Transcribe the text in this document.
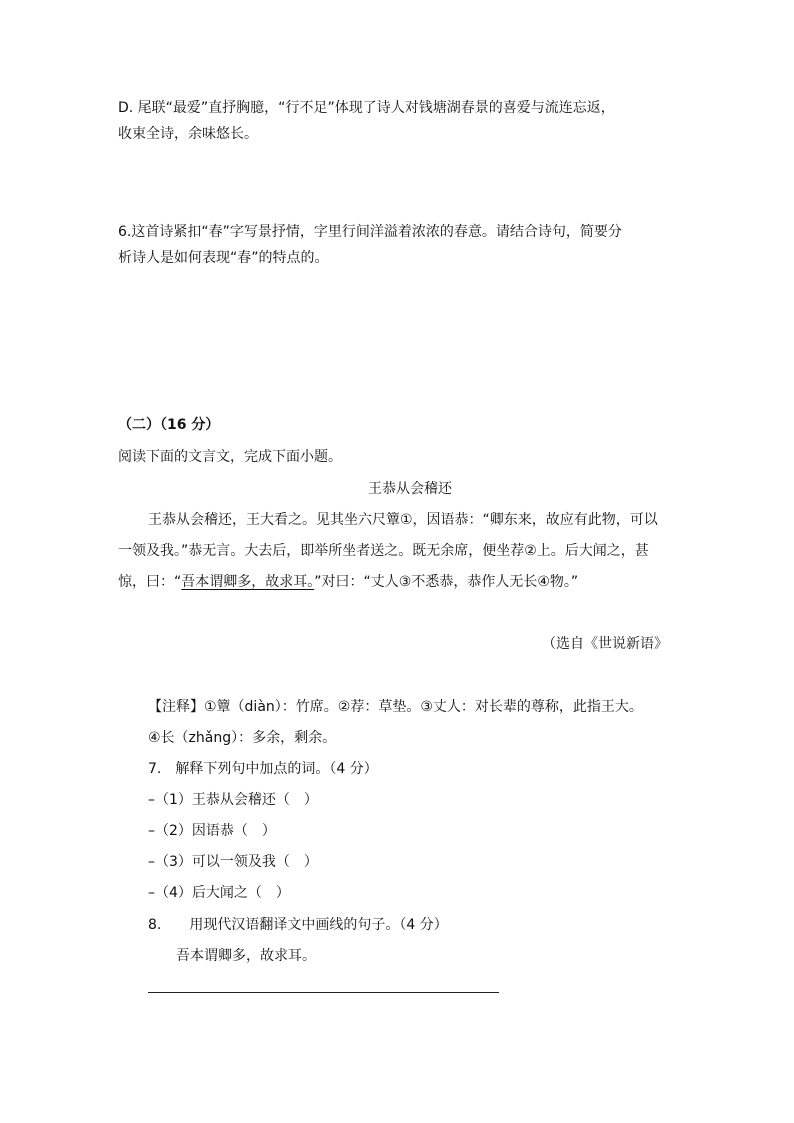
D. 尾联“最爱”直抒胸臆，“行不足”体现了诗人对钱塘湖春景的喜爱与流连忘返，
收束全诗，余味悠长。
6.这首诗紧扣“春”字写景抒情，字里行间洋溢着浓浓的春意。请结合诗句，简要分
析诗人是如何表现“春”的特点的。
（二）（16 分）
阅读下面的文言文，完成下面小题。
王恭从会稽还
王恭从会稽还，王大看之。见其坐六尺簟①，因语恭：“卿东来，故应有此物，可以
一领及我。”恭无言。大去后，即举所坐者送之。既无余席，便坐荐②上。后大闻之，甚
惊，曰：“吾本谓卿多，故求耳。”对曰：“丈人③不悉恭，恭作人无长④物。”
（选自《世说新语》
【注释】①簟（diàn）：竹席。②荐：草垫。③丈人：对长辈的尊称，此指王大。
④长（zhǎng）：多余，剩余。
7.　解释下列句中加点的词。（4 分）
–（1）王恭从会稽还（　）
–（2）因语恭（　）
–（3）可以一领及我（　）
–（4）后大闻之（　）
8.　　用现代汉语翻译文中画线的句子。（4 分）
吾本谓卿多，故求耳。
